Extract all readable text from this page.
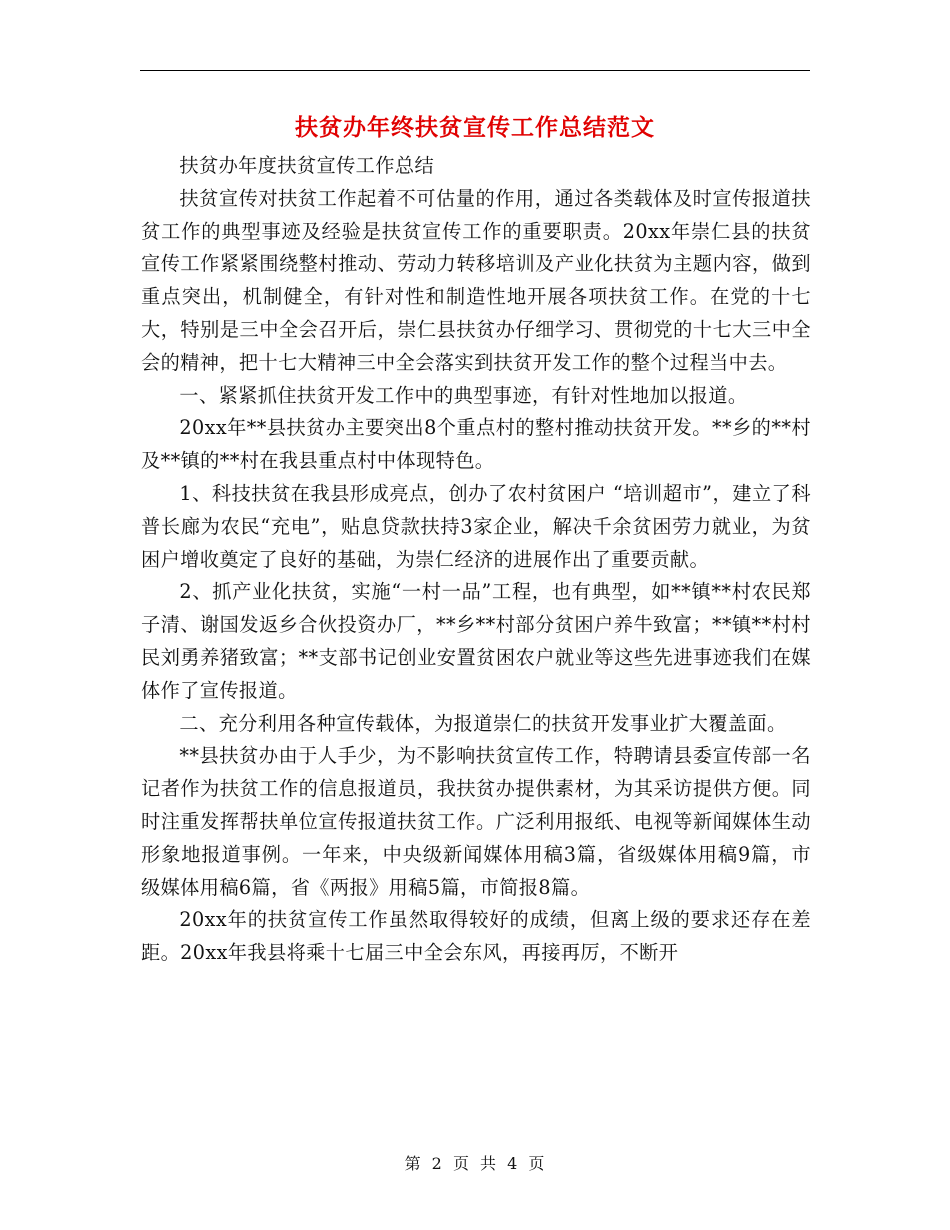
扶贫办年终扶贫宣传工作总结范文

扶贫办年度扶贫宣传工作总结

扶贫宣传对扶贫工作起着不可估量的作用，通过各类载体及时宣传报道扶贫工作的典型事迹及经验是扶贫宣传工作的重要职责。20xx年崇仁县的扶贫宣传工作紧紧围绕整村推动、劳动力转移培训及产业化扶贫为主题内容，做到重点突出，机制健全，有针对性和制造性地开展各项扶贫工作。在党的十七大，特别是三中全会召开后，崇仁县扶贫办仔细学习、贯彻党的十七大三中全会的精神，把十七大精神三中全会落实到扶贫开发工作的整个过程当中去。

一、紧紧抓住扶贫开发工作中的典型事迹，有针对性地加以报道。

20xx年**县扶贫办主要突出8个重点村的整村推动扶贫开发。**乡的**村及**镇的**村在我县重点村中体现特色。

1、科技扶贫在我县形成亮点，创办了农村贫困户 “培训超市”，建立了科普长廊为农民“充电”，贴息贷款扶持3家企业，解决千余贫困劳力就业，为贫困户增收奠定了良好的基础，为崇仁经济的进展作出了重要贡献。

2、抓产业化扶贫，实施“一村一品”工程，也有典型，如**镇**村农民郑子清、谢国发返乡合伙投资办厂，**乡**村部分贫困户养牛致富；**镇**村村民刘勇养猪致富；**支部书记创业安置贫困农户就业等这些先进事迹我们在媒体作了宣传报道。

二、充分利用各种宣传载体，为报道崇仁的扶贫开发事业扩大覆盖面。

**县扶贫办由于人手少，为不影响扶贫宣传工作，特聘请县委宣传部一名记者作为扶贫工作的信息报道员，我扶贫办提供素材，为其采访提供方便。同时注重发挥帮扶单位宣传报道扶贫工作。广泛利用报纸、电视等新闻媒体生动形象地报道事例。一年来，中央级新闻媒体用稿3篇，省级媒体用稿9篇，市级媒体用稿6篇，省《两报》用稿5篇，市简报8篇。

20xx年的扶贫宣传工作虽然取得较好的成绩，但离上级的要求还存在差距。20xx年我县将乘十七届三中全会东风，再接再厉，不断开

第 2 页 共 4 页
